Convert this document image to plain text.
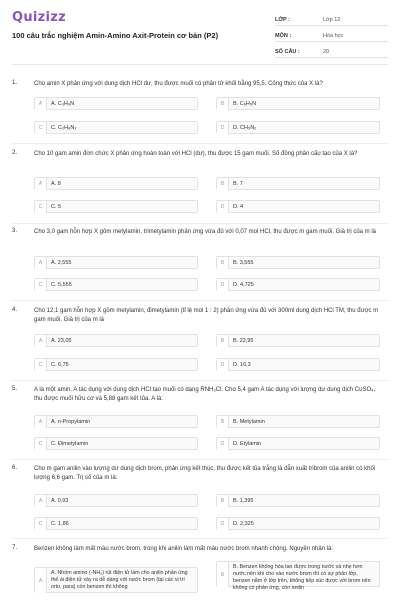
Quizizz
100 câu trắc nghiệm Amin-Amino Axit-Protein cơ bản (P2)
LỚP :	Lớp 12
MÔN :	Hóa học
SỐ CÂU :	20
1.	Cho amin X phản ứng với dung dịch HCl dư, thu được muối có phân tử khối bằng 95,5. Công thức của X là?
A	A. C₃H₉N	B	B. C₆H₅N
C	C. C₂H₈N₂	D	D. CH₅N₂
2.	Cho 10 gam amin đơn chức X phản ứng hoàn toàn với HCl (dư), thu được 15 gam muối. Số đồng phân cấu tạo của X là?
A	A. 8	B	B. 7
C	C. 5	D	D. 4
3.	Cho 3,0 gam hỗn hợp X gồm metylamin, trimetylamin phản ứng vừa đủ với 0,07 mol HCl, thu được m gam muối. Giá trị của m là
A	A. 2,555	B	B. 3,555
C	C. 5,555	D	D. 4,725
4.	Cho 12,1 gam hỗn hợp X gồm metylamin, đimetylamin (tỉ lệ mol 1 : 2) phản ứng vừa đủ với 300ml dung dịch HCl TM, thu được m gam muối. Giá trị của m là
A	A. 23,05	B	B. 22,95
C	C. 6,75	D	D. 16,3
5.	A là một amin. A tác dụng với dung dịch HCl tạo muối có dạng RNH₃Cl. Cho 5,4 gam A tác dụng với lượng dư dung dịch CuSO₄, thu được muối hữu cơ và 5,88 gam kết tủa. A là:
A	A. n-Propylamin	B	B. Metylamin
C	C. Đimetylamin	D	D. Etylamin
6.	Cho m gam anilin vào lượng dư dung dịch brom, phản ứng kết thúc, thu được kết tủa trắng là dẫn xuất tribrom của anilin có khối lượng 6,6 gam. Trị số của m là:
A	A. 0,93	B	B. 1,395
C	C. 1,86	D	D. 2,325
7.	Benzen không làm mất màu nước brom, trong khi anilin làm mất màu nước brom nhanh chóng. Nguyên nhân là:
A
A. Nhóm amino (-NH₂) rút điện tử làm cho anilin phản ứng thế ái điện tử xảy ra dễ dàng với nước brom (tại các vị trí orto, para) còn benzen thì không
B
B. Benzen không hòa tan được trong nước và nhẹ hơn nước nên khi cho vào nước brom thì có sự phân lớp, benzen nằm ở lớp trên, không tiếp xúc được với brom nên không có phản ứng, còn anilin
